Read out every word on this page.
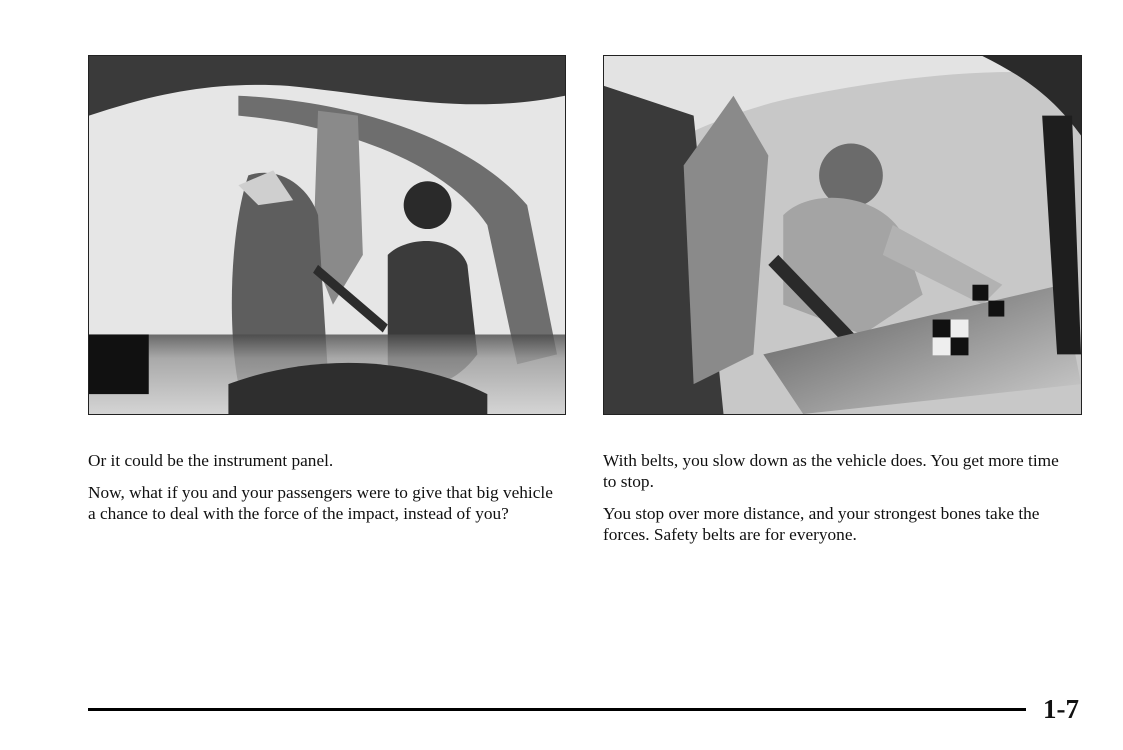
Or it could be the instrument panel.

Now, what if you and your passengers were to give that big vehicle a chance to deal with the force of the impact, instead of you?

With belts, you slow down as the vehicle does. You get more time to stop.

You stop over more distance, and your strongest bones take the forces. Safety belts are for everyone.

1-7
